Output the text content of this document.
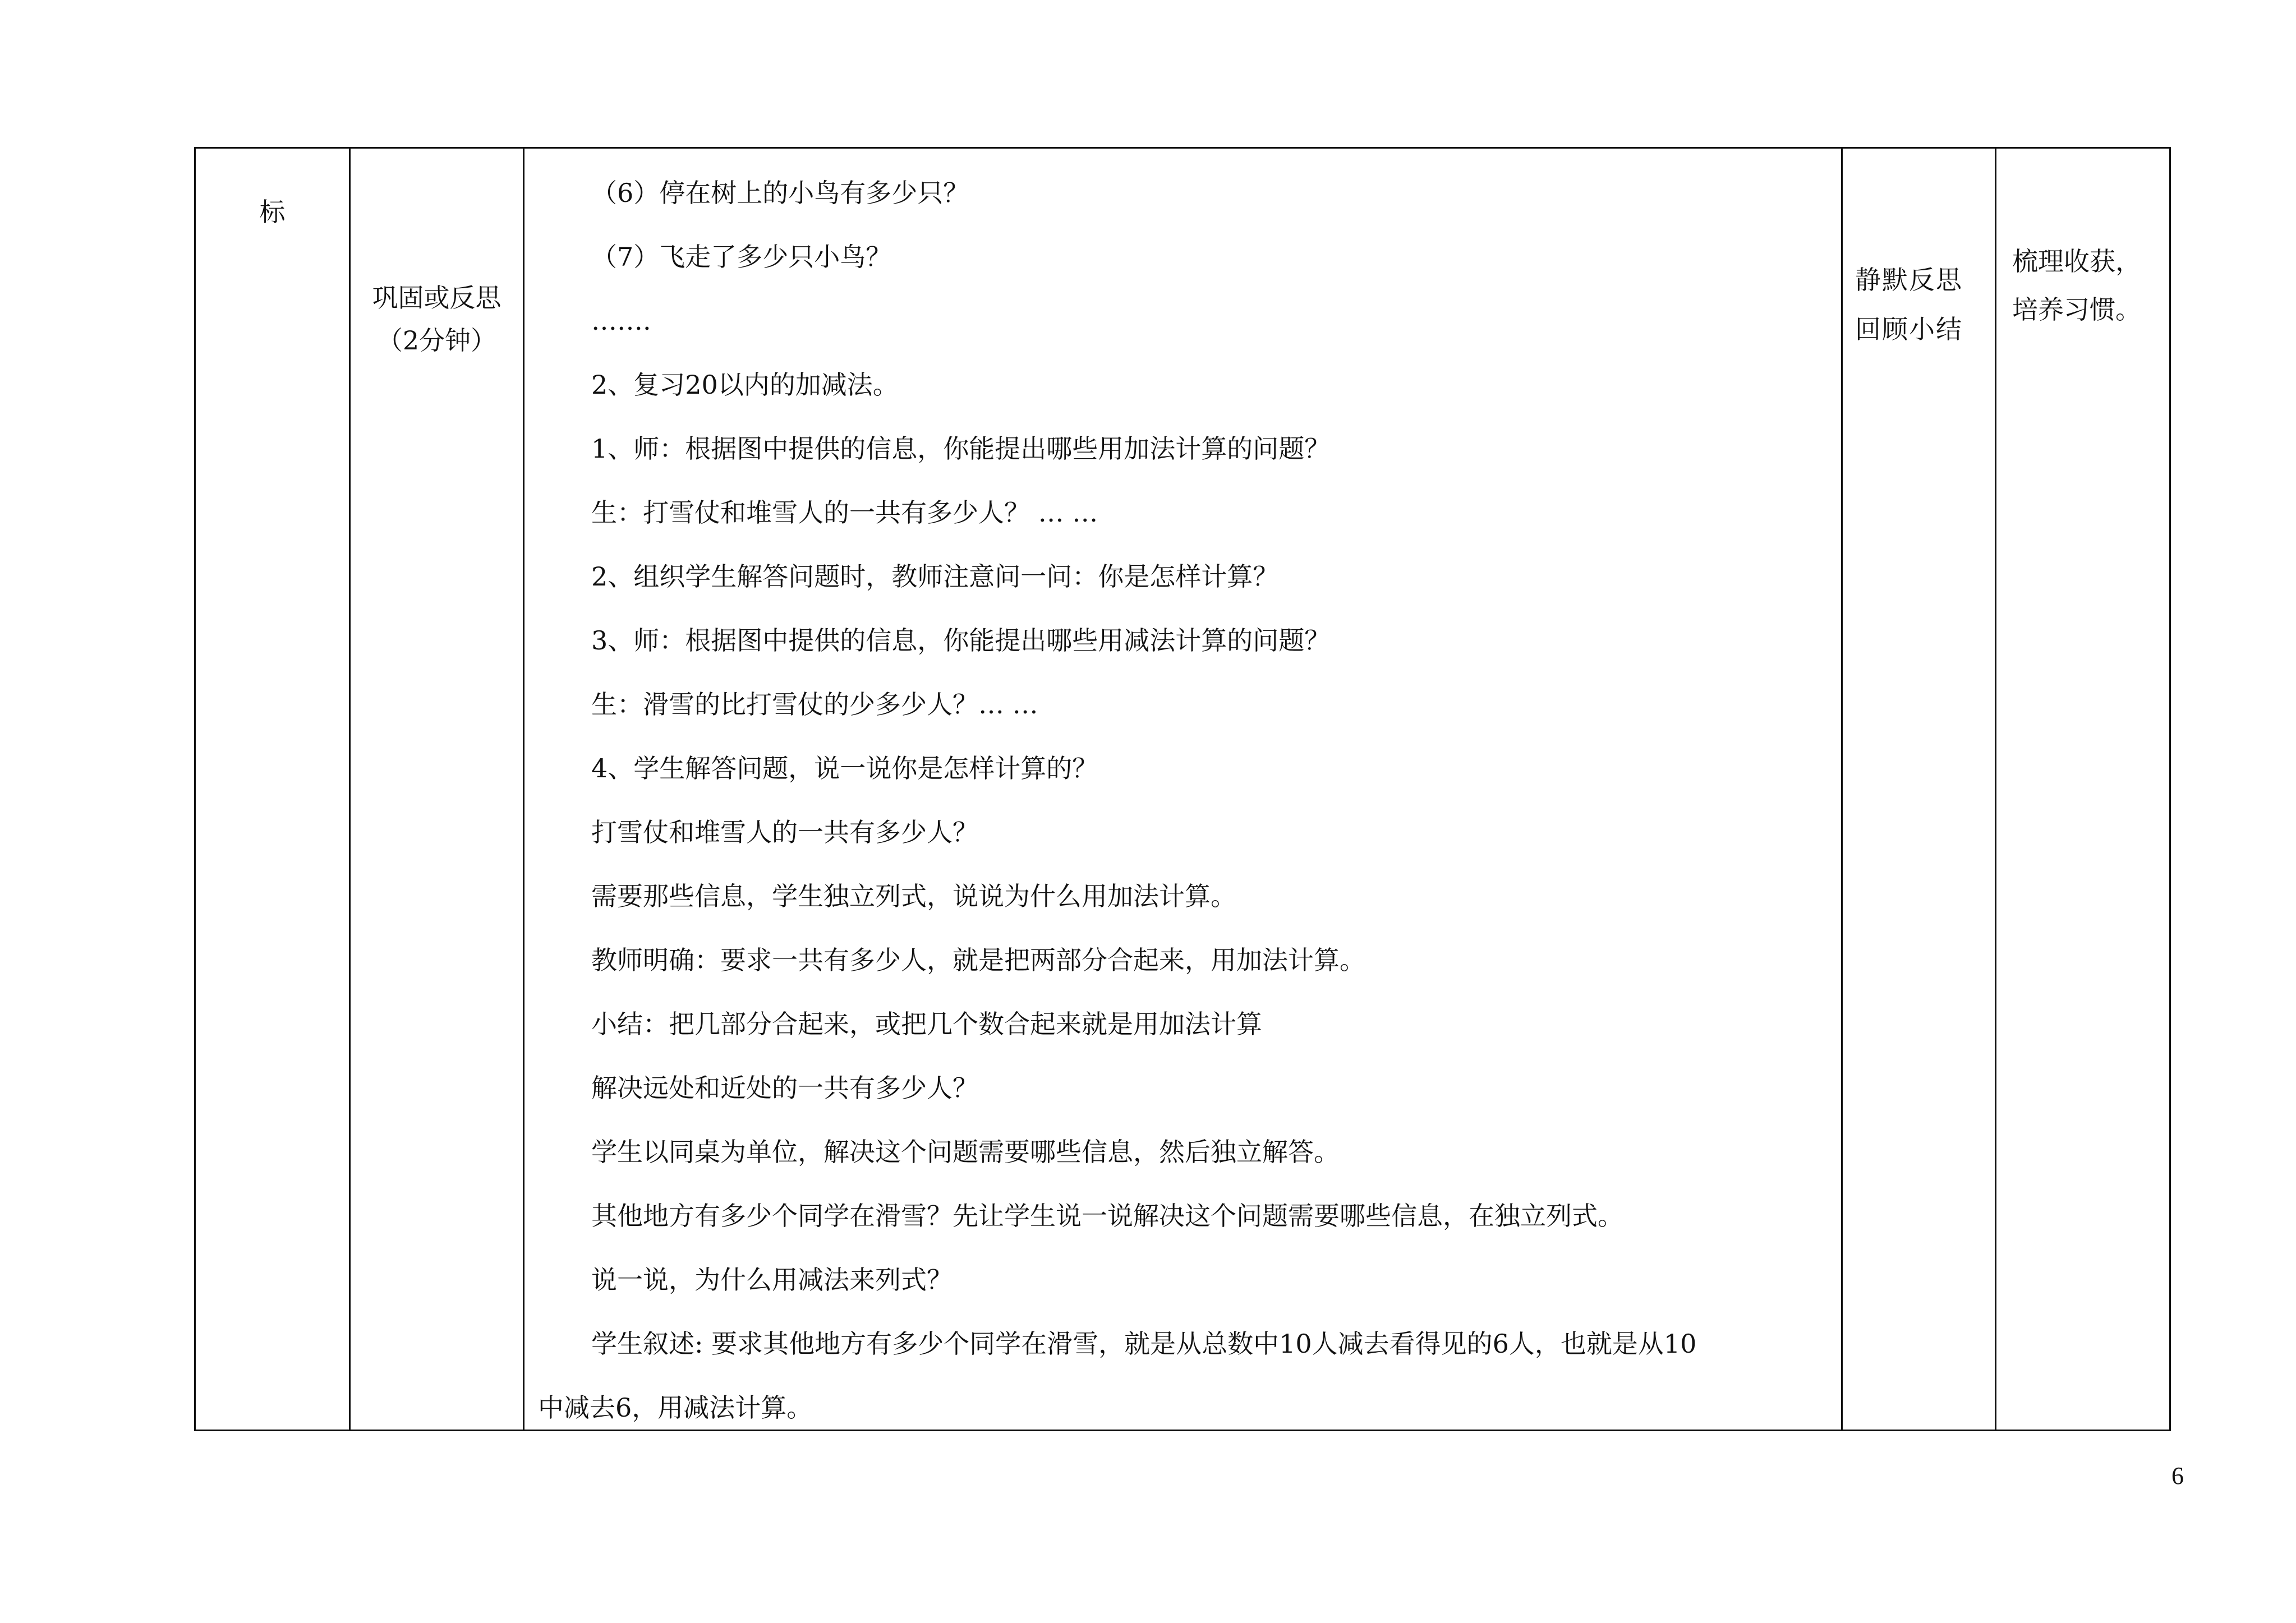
标
巩固或反思
（2分钟）
（6）停在树上的小鸟有多少只？
（7）飞走了多少只小鸟？
…….
2、复习20以内的加减法。
1、师：根据图中提供的信息，你能提出哪些用加法计算的问题？
生：打雪仗和堆雪人的一共有多少人？ … …
2、组织学生解答问题时，教师注意问一问：你是怎样计算？
3、师：根据图中提供的信息，你能提出哪些用减法计算的问题？
生：滑雪的比打雪仗的少多少人？… …
4、学生解答问题，说一说你是怎样计算的？
打雪仗和堆雪人的一共有多少人？
需要那些信息，学生独立列式，说说为什么用加法计算。
教师明确：要求一共有多少人，就是把两部分合起来，用加法计算。
小结：把几部分合起来，或把几个数合起来就是用加法计算
解决远处和近处的一共有多少人？
学生以同桌为单位，解决这个问题需要哪些信息，然后独立解答。
其他地方有多少个同学在滑雪？先让学生说一说解决这个问题需要哪些信息，在独立列式。
说一说，为什么用减法来列式？
学生叙述: 要求其他地方有多少个同学在滑雪，就是从总数中10人减去看得见的6人，也就是从10
中减去6，用减法计算。
静默反思回顾小结
梳理收获，培养习惯。
6
